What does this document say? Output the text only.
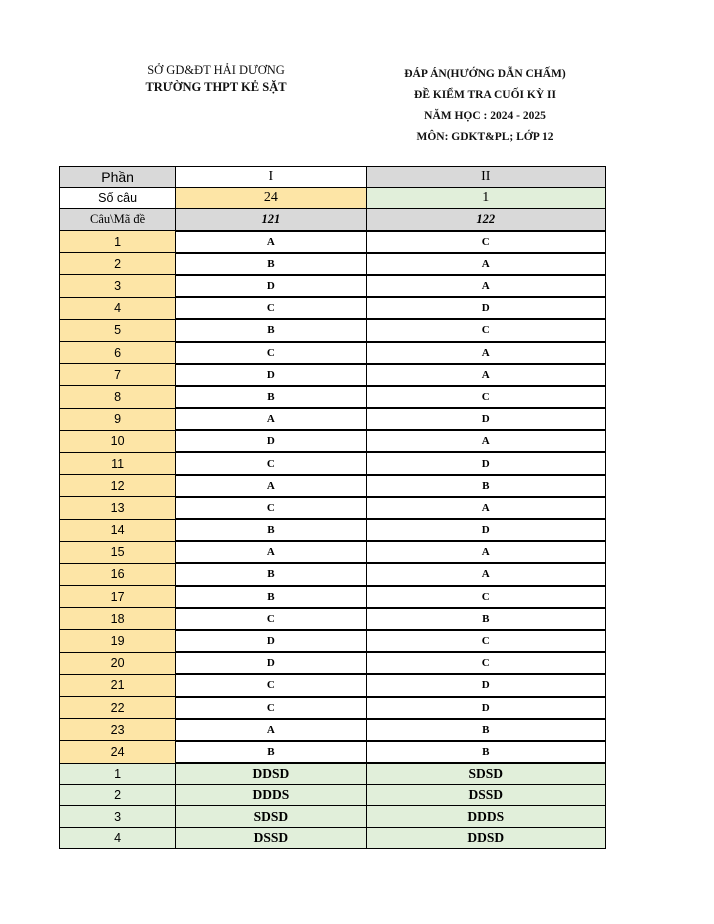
SỞ GD&ĐT HẢI DƯƠNG
TRƯỜNG THPT KẺ SẶT
ĐÁP ÁN(HƯỚNG DẪN CHẤM)
ĐỀ KIỂM TRA CUỐI KỲ II
NĂM HỌC : 2024 - 2025
MÔN: GDKT&PL; LỚP 12
Phần	I	II
Số câu	24	1
Câu\Mã đề	121	122
1	A	C
2	B	A
3	D	A
4	C	D
5	B	C
6	C	A
7	D	A
8	B	C
9	A	D
10	D	A
11	C	D
12	A	B
13	C	A
14	B	D
15	A	A
16	B	A
17	B	C
18	C	B
19	D	C
20	D	C
21	C	D
22	C	D
23	A	B
24	B	B
1	DDSD	SDSD
2	DDDS	DSSD
3	SDSD	DDDS
4	DSSD	DDSD
